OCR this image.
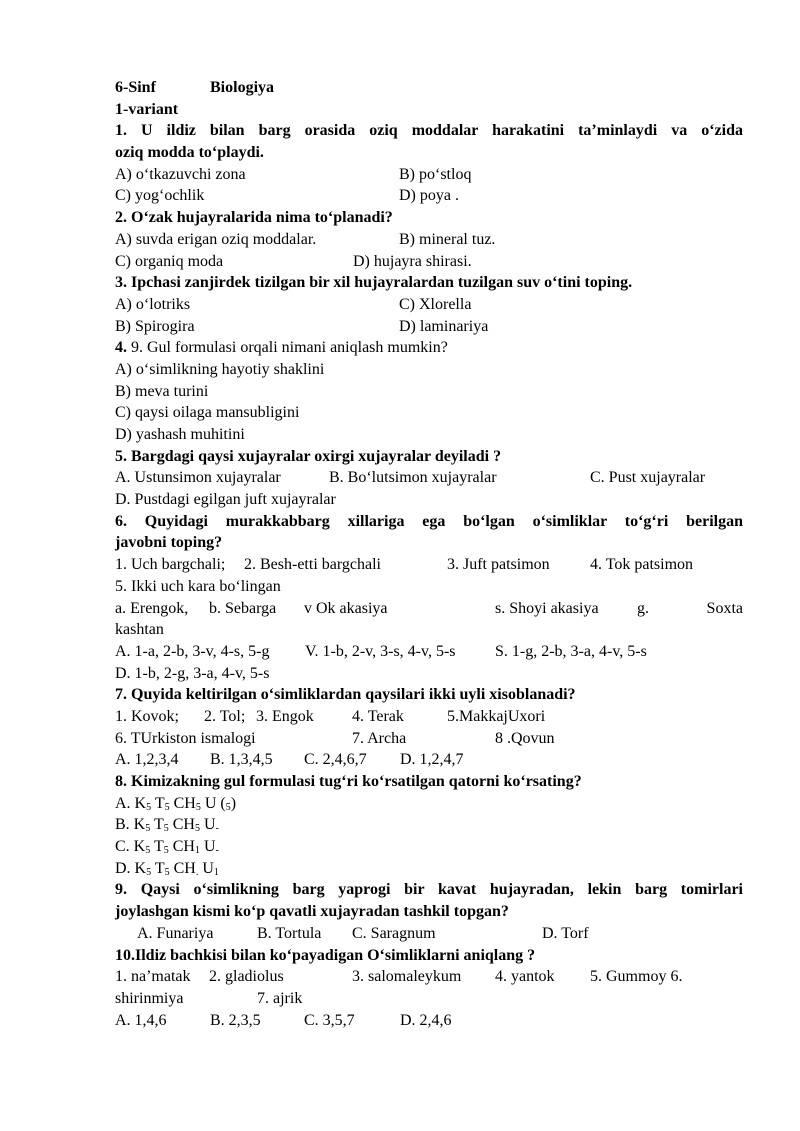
6-Sinf	Biologiya
1-variant
1. U ildiz bilan barg orasida oziq moddalar harakatini ta’minlaydi va o‘zida
oziq modda to‘playdi.
A) o‘tkazuvchi zona	B) po‘stloq
C) yog‘ochlik	D) poya .
2. O‘zak hujayralarida nima to‘planadi?
A) suvda erigan oziq moddalar.	B) mineral tuz.
C) organiq moda	D) hujayra shirasi.
3. Ipchasi zanjirdek tizilgan bir xil hujayralardan tuzilgan suv o‘tini toping.
A) o‘lotriks	C) Xlorella
B) Spirogira	D) laminariya
4. 9. Gul formulasi orqali nimani aniqlash mumkin?
A) o‘simlikning hayotiy shaklini
B) meva turini
C) qaysi oilaga mansubligini
D) yashash muhitini
5. Bargdagi qaysi xujayralar oxirgi xujayralar deyiladi ?
A. Ustunsimon xujayralar	B. Bo‘lutsimon xujayralar	C. Pust xujayralar
D. Pustdagi egilgan juft xujayralar
6. Quyidagi murakkabbarg xillariga ega bo‘lgan o‘simliklar to‘g‘ri berilgan
javobni toping?
1. Uch bargchali; 2. Besh-etti bargchali	3. Juft patsimon	4. Tok patsimon
5. Ikki uch kara bo‘lingan
a. Erengok, b. Sebarga v Ok akasiya	s. Shoyi akasiya g.	Soxta
kashtan
A. 1-a, 2-b, 3-v, 4-s, 5-g V. 1-b, 2-v, 3-s, 4-v, 5-s S. 1-g, 2-b, 3-a, 4-v, 5-s
D. 1-b, 2-g, 3-a, 4-v, 5-s
7. Quyida keltirilgan o‘simliklardan qaysilari ikki uyli xisoblanadi?
1. Kovok; 2. Tol; 3. Engok 4. Terak	5.MakkajUxori
6. TUrkiston ismalogi	7. Archa	8 .Qovun
A. 1,2,3,4 B. 1,3,4,5 C. 2,4,6,7 D. 1,2,4,7
8. Kimizakning gul formulasi tug‘ri ko‘rsatilgan qatorni ko‘rsating?
A. $K_5$ $T_5$ $CH_5$ U $(_5)$
B. $K_5$ $T_5$ $CH_5$ $U_-$
C. $K_5$ $T_5$ $CH_1$ $U_-$
D. $K_5$ $T_5$ $CH_.$ $U_1$
9. Qaysi o‘simlikning barg yaprogi bir kavat hujayradan, lekin barg tomirlari
joylashgan kismi ko‘p qavatli xujayradan tashkil topgan?
A. Funariya	B. Tortula C. Saragnum	D. Torf
10.Ildiz bachkisi bilan ko‘payadigan O‘simliklarni aniqlang ?
1. na’matak 2. gladiolus	3. salomaleykum 4. yantok 5. Gummoy 6.
shirinmiya	7. ajrik
A. 1,4,6	B. 2,3,5	C. 3,5,7	D. 2,4,6
